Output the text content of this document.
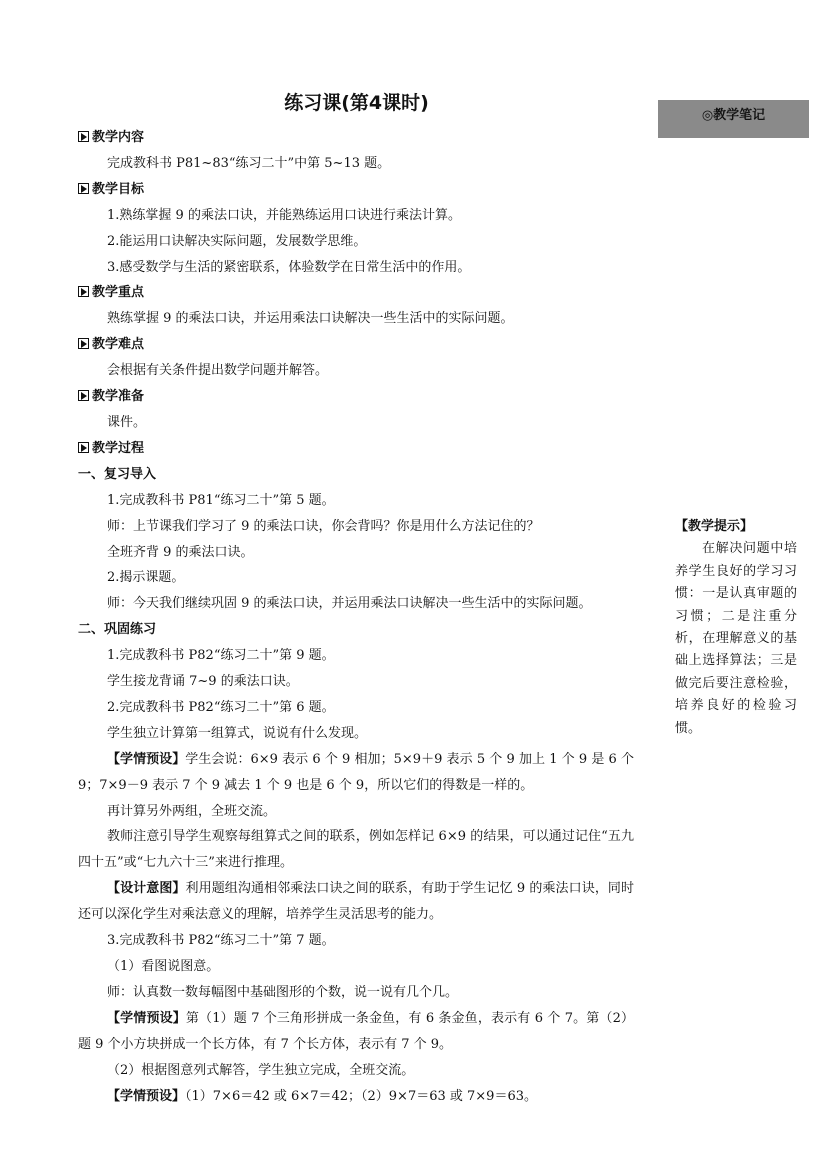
练习课(第4课时)
◎教学笔记

教学内容

完成教科书 P81~83“练习二十”中第 5~13 题。

教学目标

1.熟练掌握 9 的乘法口诀，并能熟练运用口诀进行乘法计算。

2.能运用口诀解决实际问题，发展数学思维。

3.感受数学与生活的紧密联系，体验数学在日常生活中的作用。

教学重点

熟练掌握 9 的乘法口诀，并运用乘法口诀解决一些生活中的实际问题。

教学难点

会根据有关条件提出数学问题并解答。

教学准备

课件。

教学过程

一、复习导入

1.完成教科书 P81“练习二十”第 5 题。

师：上节课我们学习了 9 的乘法口诀，你会背吗？你是用什么方法记住的？

全班齐背 9 的乘法口诀。

2.揭示课题。

师：今天我们继续巩固 9 的乘法口诀，并运用乘法口诀解决一些生活中的实际问题。

二、巩固练习

1.完成教科书 P82“练习二十”第 9 题。

学生接龙背诵 7~9 的乘法口诀。

2.完成教科书 P82“练习二十”第 6 题。

学生独立计算第一组算式，说说有什么发现。

【学情预设】学生会说：6×9 表示 6 个 9 相加；5×9＋9 表示 5 个 9 加上 1 个 9 是 6 个 9；7×9－9 表示 7 个 9 减去 1 个 9 也是 6 个 9，所以它们的得数是一样的。

再计算另外两组，全班交流。

教师注意引导学生观察每组算式之间的联系，例如怎样记 6×9 的结果，可以通过记住“五九四十五”或“七九六十三”来进行推理。

【设计意图】利用题组沟通相邻乘法口诀之间的联系，有助于学生记忆 9 的乘法口诀，同时还可以深化学生对乘法意义的理解，培养学生灵活思考的能力。

3.完成教科书 P82“练习二十”第 7 题。

（1）看图说图意。

师：认真数一数每幅图中基础图形的个数，说一说有几个几。

【学情预设】第（1）题 7 个三角形拼成一条金鱼，有 6 条金鱼，表示有 6 个 7。第（2）题 9 个小方块拼成一个长方体，有 7 个长方体，表示有 7 个 9。

（2）根据图意列式解答，学生独立完成，全班交流。

【学情预设】（1）7×6＝42 或 6×7＝42；（2）9×7＝63 或 7×9＝63。

【教学提示】
在解决问题中培养学生良好的学习习惯：一是认真审题的习惯；二是注重分析，在理解意义的基础上选择算法；三是做完后要注意检验，培养良好的检验习惯。
